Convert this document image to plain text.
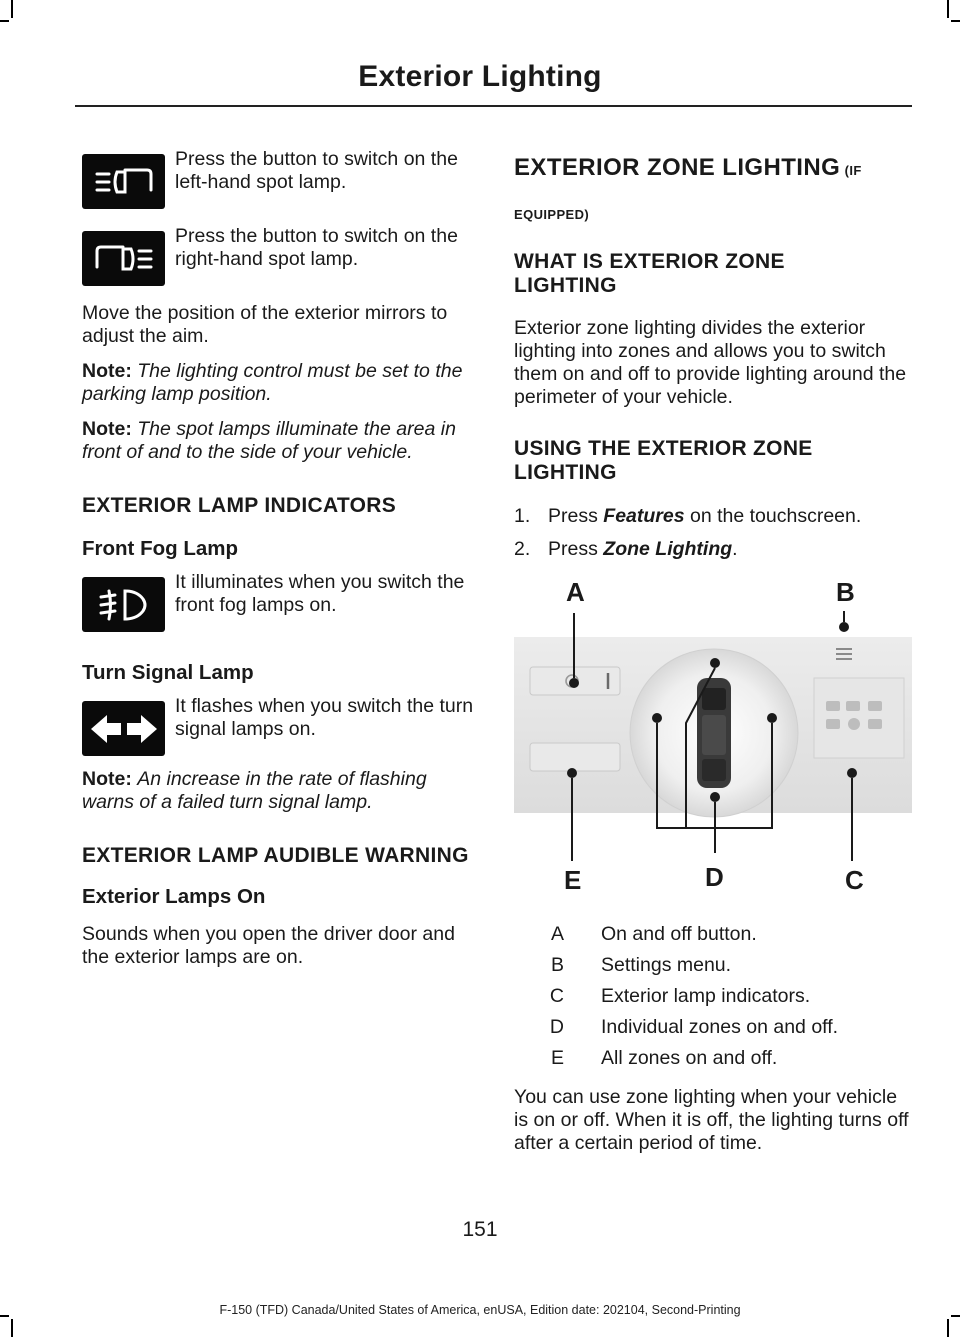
Exterior Lighting

Press the button to switch on the left-hand spot lamp.

Press the button to switch on the right-hand spot lamp.

Move the position of the exterior mirrors to adjust the aim.

Note: The lighting control must be set to the parking lamp position.

Note: The spot lamps illuminate the area in front of and to the side of your vehicle.

EXTERIOR LAMP INDICATORS
Front Fog Lamp

It illuminates when you switch the front fog lamps on.

Turn Signal Lamp

It flashes when you switch the turn signal lamps on.

Note: An increase in the rate of flashing warns of a failed turn signal lamp.

EXTERIOR LAMP AUDIBLE WARNING
Exterior Lamps On

Sounds when you open the driver door and the exterior lamps are on.

EXTERIOR ZONE LIGHTING (IF EQUIPPED)
WHAT IS EXTERIOR ZONE LIGHTING

Exterior zone lighting divides the exterior lighting into zones and allows you to switch them on and off to provide lighting around the perimeter of your vehicle.

USING THE EXTERIOR ZONE LIGHTING
1. Press Features on the touchscreen.
2. Press Zone Lighting.
A	B
C
D
E
A	On and off button.
B	Settings menu.
C	Exterior lamp indicators.
D	Individual zones on and off.
E	All zones on and off.

You can use zone lighting when your vehicle is on or off. When it is off, the lighting turns off after a certain period of time.

151
F-150 (TFD) Canada/United States of America, enUSA, Edition date: 202104, Second-Printing
